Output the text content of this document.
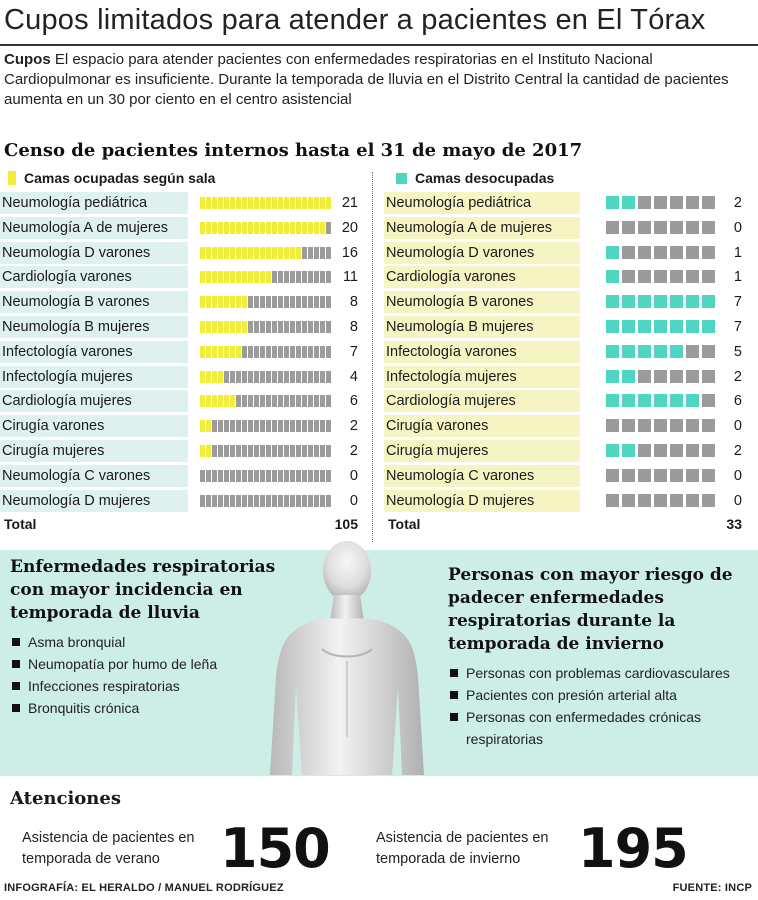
Cupos limitados para atender a pacientes en El Tórax

Cupos El espacio para atender pacientes con enfermedades respiratorias en el Instituto Nacional Cardiopulmonar es insuficiente. Durante la temporada de lluvia en el Distrito Central la cantidad de pacientes aumenta en un 30 por ciento en el centro asistencial

Censo de pacientes internos hasta el 31 de mayo de 2017
Camas ocupadas según sala	Camas desocupadas
Neumología pediátrica	21
Neumología A de mujeres	20
Neumología D varones	16
Cardiología varones	11
Neumología B varones	8
Neumología B mujeres	8
Infectología varones	7
Infectología mujeres	4
Cardiología mujeres	6
Cirugía varones	2
Cirugía mujeres	2
Neumología C varones	0
Neumología D mujeres	0
Total	105
Neumología pediátrica	2
Neumología A de mujeres	0
Neumología D varones	1
Cardiología varones	1
Neumología B varones	7
Neumología B mujeres	7
Infectología varones	5
Infectología mujeres	2
Cardiología mujeres	6
Cirugía varones	0
Cirugía mujeres	2
Neumología C varones	0
Neumología D mujeres	0
Total	33
Enfermedades respiratorias con mayor incidencia en temporada de lluvia
Asma bronquial
Neumopatía por humo de leña
Infecciones respiratorias
Bronquitis crónica
Personas con mayor riesgo de padecer enfermedades respiratorias durante la temporada de invierno
Personas con problemas cardiovasculares
Pacientes con presión arterial alta
Personas con enfermedades crónicas respiratorias
Atenciones
Asistencia de pacientes en temporada de verano	150	Asistencia de pacientes en temporada de invierno	195
INFOGRAFÍA: EL HERALDO / MANUEL RODRÍGUEZ	FUENTE: INCP
